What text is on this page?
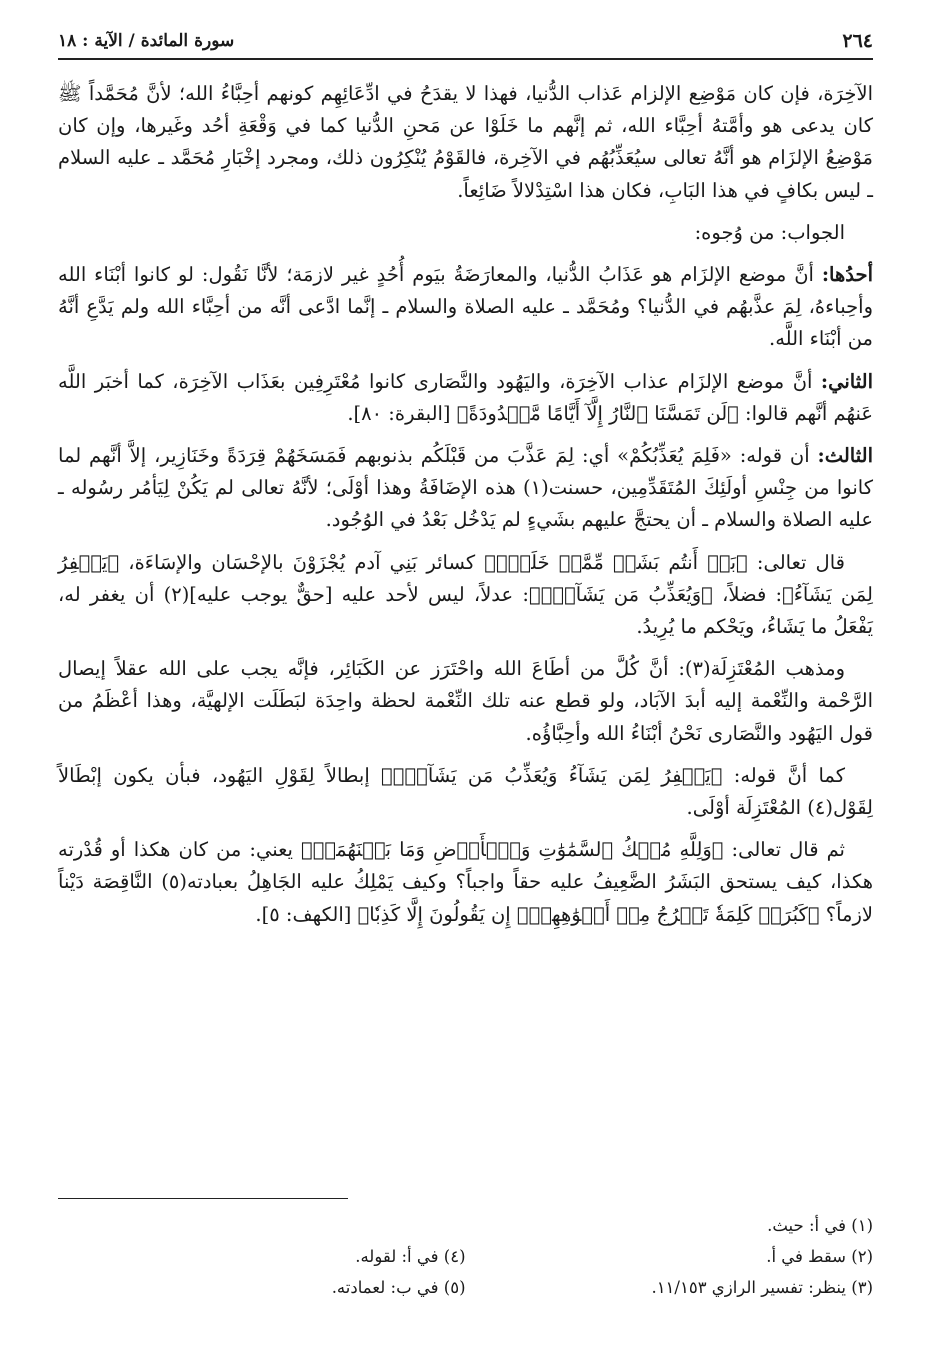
٢٦٤
سورة المائدة / الآية : ١٨

الآخِرَة، فإن كان مَوْضِع الإلزام عَذاب الدُّنيا، فهذا لا يقدَحُ في ادِّعَائِهِم كونهم أحِبَّاءُ الله؛ لأنَّ مُحَمَّداً ﷺ كان يدعى هو وأمَّتهُ أحِبَّاء الله، ثم إنَّهم ما خَلَوْا عن مَحنِ الدُّنيا كما في وَقْعَةِ أحُد وغَيرها، وإن كان مَوْضِعُ الإلزَام هو أنَّهُ تعالى سيُعَذِّبُهُم في الآخِرة، فالقَوْمُ يُنْكِرُون ذلك، ومجرد إخْبَارِ مُحَمَّد ـ عليه السلام ـ ليس بكافٍ في هذا البَابِ، فكان هذا اسْتِدْلالاً ضَائِعاً.

الجواب: من وُجوه:

أحدُها: أنَّ موضع الإلزَام هو عَذَابُ الدُّنيا، والمعارَضَةُ بيَوم أُحُدٍ غير لازمَة؛ لأنَّا نَقُول: لو كانوا أبْنَاء الله وأحِباءهُ، لِمَ عذَّبهُم في الدُّنيا؟ ومُحَمَّد ـ عليه الصلاة والسلام ـ إنَّما ادَّعى أنَّه من أحِبَّاء الله ولم يَدَّعِ أنَّهُ من أبْنَاء اللَّه.

الثاني: أنَّ موضع الإلزَام عذاب الآخِرَة، واليَهُود والنَّصَارى كانوا مُعْتَرِفِين بعَذَاب الآخِرَة، كما أخبَر اللَّه عَنهُم أنَّهم قالوا: ﴿لَن تَمَسَّنَا ٱلنَّارُ إِلَّآ أَيَّامًا مَّعۡدُودَةً﴾ [البقرة: ٨٠].

الثالث: أن قوله: «فَلِمَ يُعَذِّبُكُمْ» أي: لِمَ عَذَّبَ من قَبْلَكُم بذنوبهم فَمَسَخَهُمْ قِرَدَةً وخَنَازِير، إلاَّ أنَّهم لما كانوا من جِنْسِ أولَئِكَ المُتَقَدِّمِين، حسنت(١) هذه الإضَافَةُ وهذا أوْلَى؛ لأنَّهُ تعالى لم يَكُنْ لِيَأمُر رسُوله ـ عليه الصلاة والسلام ـ أن يحتجَّ عليهم بشَيءٍ لم يَدْخُل بَعْدُ في الوُجُود.

قال تعالى: ﴿بَلۡ أَنتُم بَشَرٞ مِّمَّنۡ خَلَقَۚ﴾ كسائر بَنِي آدم يُجْزَوْنَ بالإحْسَان والإسَاءَة، ﴿يَغۡفِرُ لِمَن يَشَآءُ﴾: فضلاً، ﴿وَيُعَذِّبُ مَن يَشَآءُۚ﴾: عدلاً، ليس لأحد عليه [حقٌّ يوجب عليه](٢) أن يغفر له، يَفْعَلُ ما يَشَاءُ، ويَحْكم ما يُرِيدُ.

ومذهب المُعْتَزِلَة(٣): أنَّ كُلَّ من أطَاعَ الله واحْتَرَز عن الكَبَائِر، فإنَّه يجب على الله عقلاً إيصال الرَّحْمة والنِّعْمة إليه أبدَ الآبَاد، ولو قطع عنه تلك النِّعْمة لحظة واحِدَة لبَطَلَت الإلهيَّة، وهذا أعْظَمُ من قول اليَهُود والنَّصَارى نَحْنُ أبْنَاءُ الله وأحِبَّاؤُه.

كما أنَّ قوله: ﴿يَغۡفِرُ لِمَن يَشَآءُ وَيُعَذِّبُ مَن يَشَآءُۚ﴾ إبطالاً لِقَوْلِ اليَهُود، فبأن يكون إبْطَالاً لِقَوْل(٤) المُعْتَزِلَة أوْلَى.

ثم قال تعالى: ﴿وَلِلَّهِ مُلۡكُ ٱلسَّمَٰوَٰتِ وَٱلۡأَرۡضِ وَمَا بَيۡنَهُمَاۖ﴾ يعني: من كان هكذا أو قُدْرته هكذا، كيف يستحق البَشَرُ الضَّعِيفُ عليه حقاً واجباً؟ وكيف يَمْلِكُ عليه الجَاهِلُ بعبادته(٥) النَّاقِصَة دَيْناً لازماً؟ ﴿كَبُرَتۡ كَلِمَةٗ تَخۡرُجُ مِنۡ أَفۡوَٰهِهِمۡۚ إِن يَقُولُونَ إِلَّا كَذِبٗا﴾ [الكهف: ٥].

(١) في أ: حيث.

(٢) سقط في أ.

(٣) ينظر: تفسير الرازي ١١/١٥٣.

(٤) في أ: لقوله.

(٥) في ب: لعمادته.
